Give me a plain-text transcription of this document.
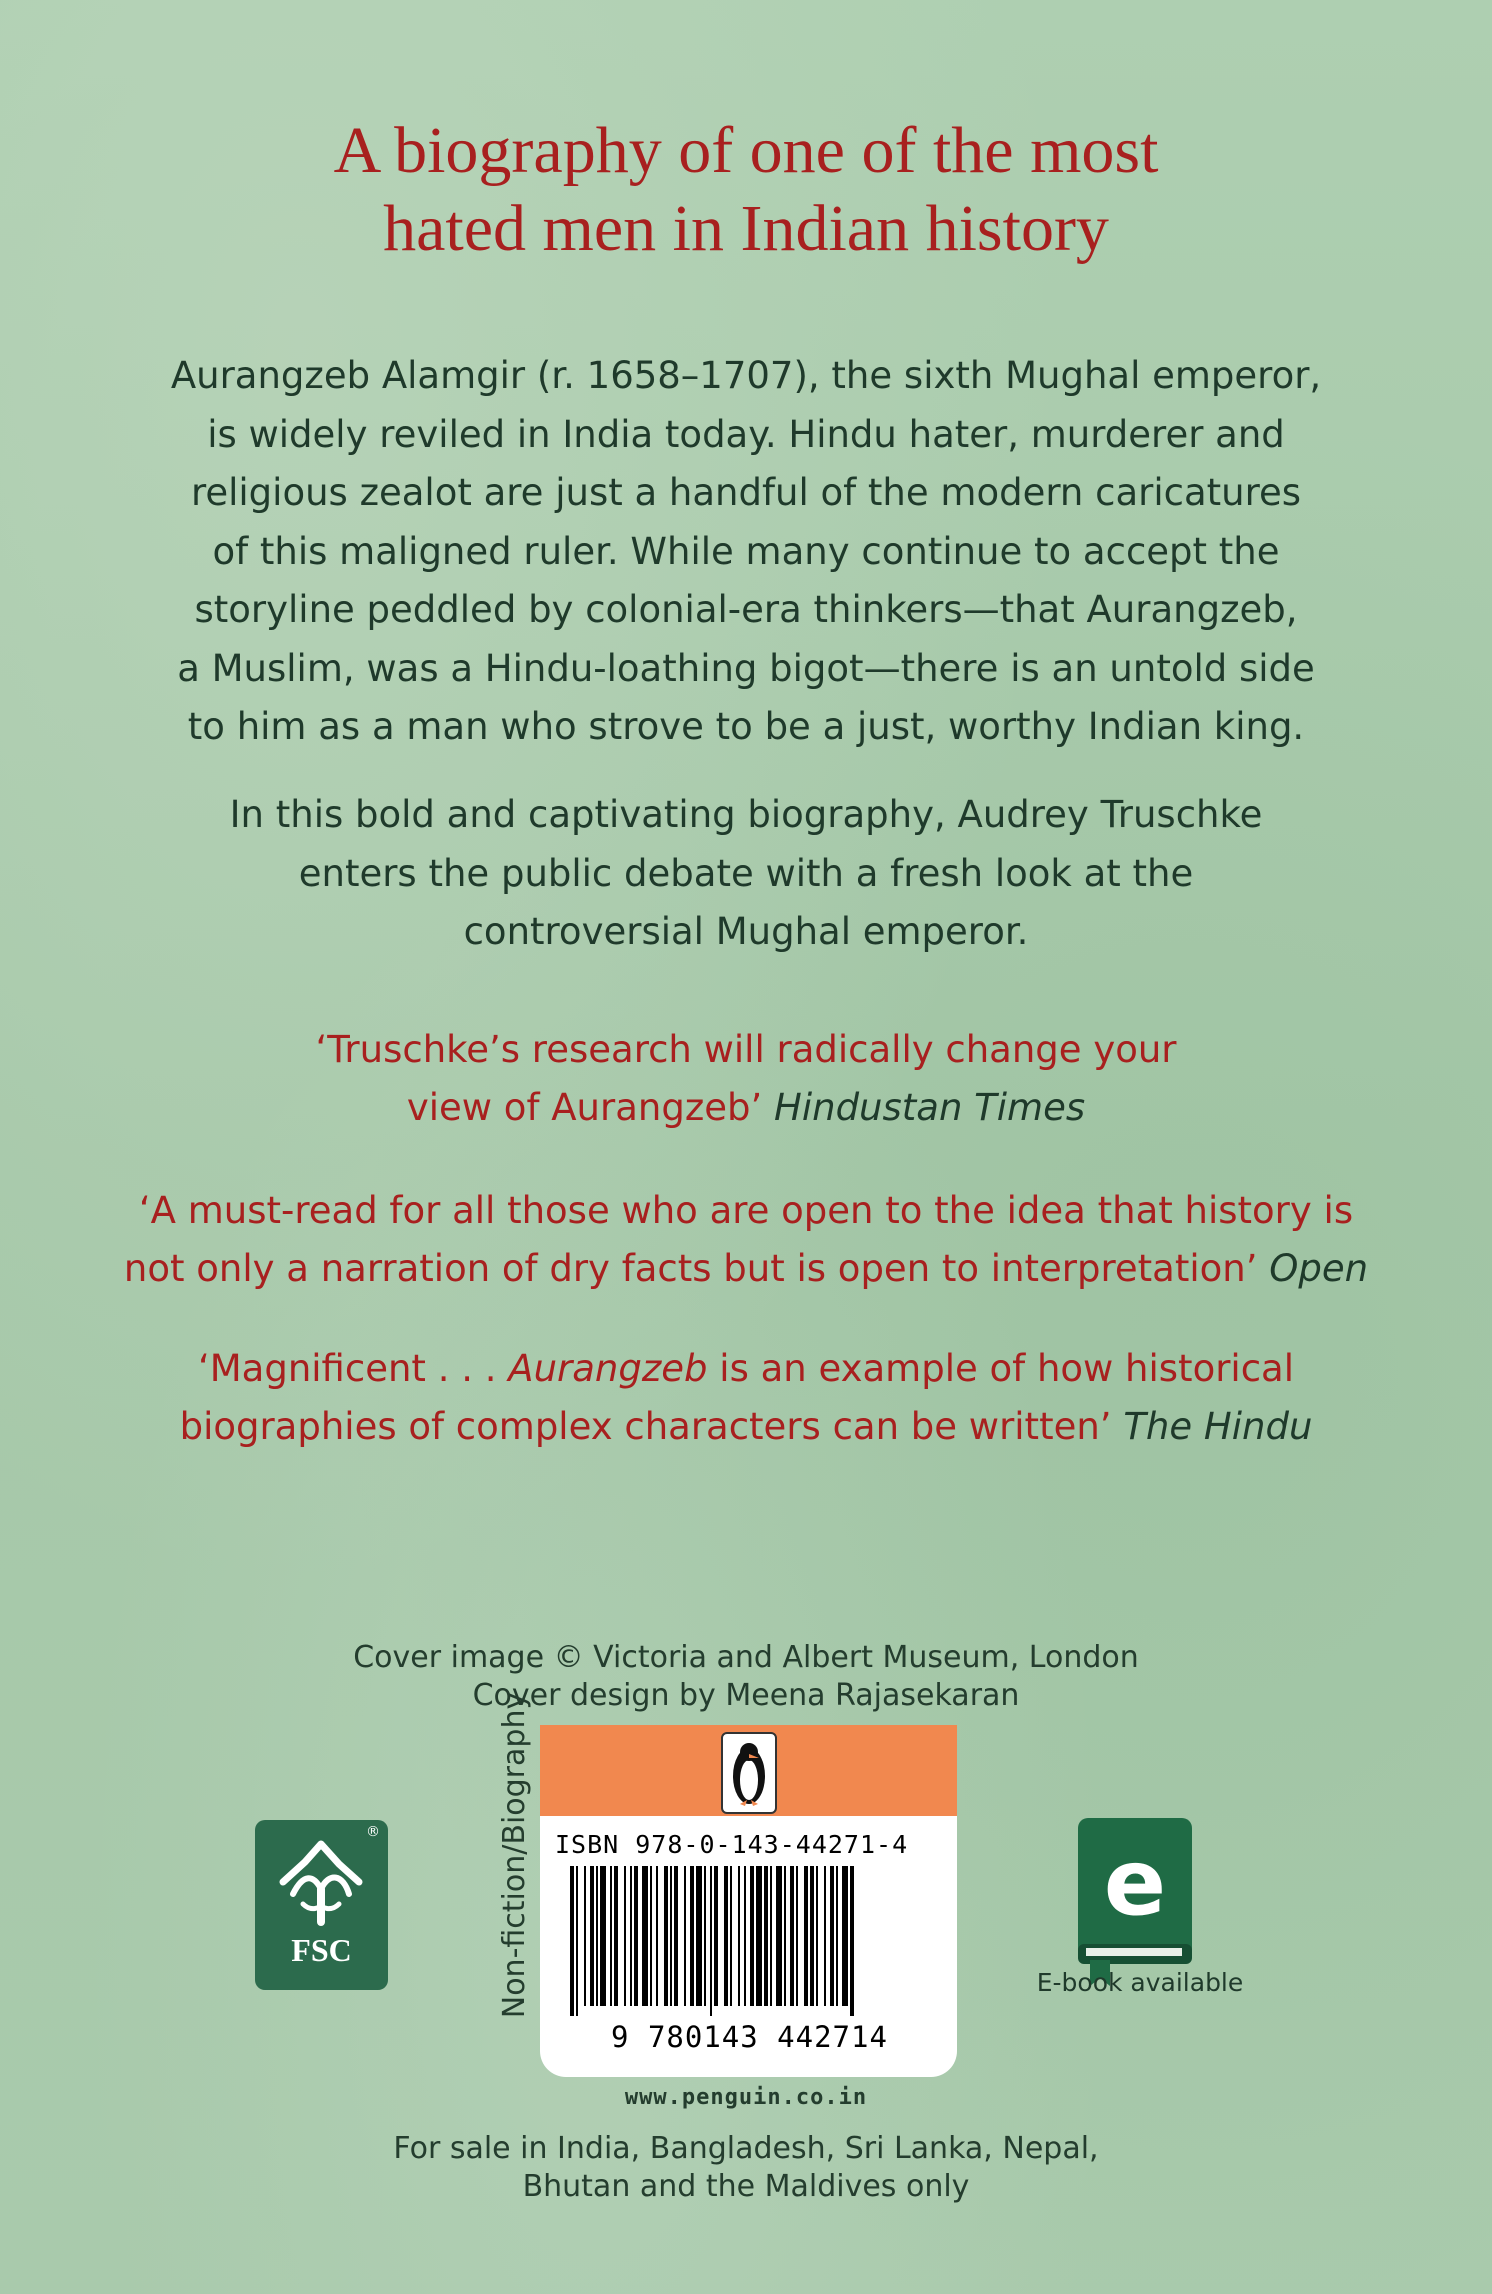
A biography of one of the most
hated men in Indian history
Aurangzeb Alamgir (r. 1658–1707), the sixth Mughal emperor,
is widely reviled in India today. Hindu hater, murderer and
religious zealot are just a handful of the modern caricatures
of this maligned ruler. While many continue to accept the
storyline peddled by colonial-era thinkers—that Aurangzeb,
a Muslim, was a Hindu-loathing bigot—there is an untold side
to him as a man who strove to be a just, worthy Indian king.
In this bold and captivating biography, Audrey Truschke
enters the public debate with a fresh look at the
controversial Mughal emperor.
‘Truschke’s research will radically change your
view of Aurangzeb’ Hindustan Times
‘A must-read for all those who are open to the idea that history is
not only a narration of dry facts but is open to interpretation’ Open
‘Magnificent . . . Aurangzeb is an example of how historical
biographies of complex characters can be written’ The Hindu
Cover image © Victoria and Albert Museum, London
Cover design by Meena Rajasekaran
®
FSC	Non-fiction/Biography ISBN 978-0-143-44271-4
9 780143 442714
e
E-book available
www.penguin.co.in
For sale in India, Bangladesh, Sri Lanka, Nepal,
Bhutan and the Maldives only
